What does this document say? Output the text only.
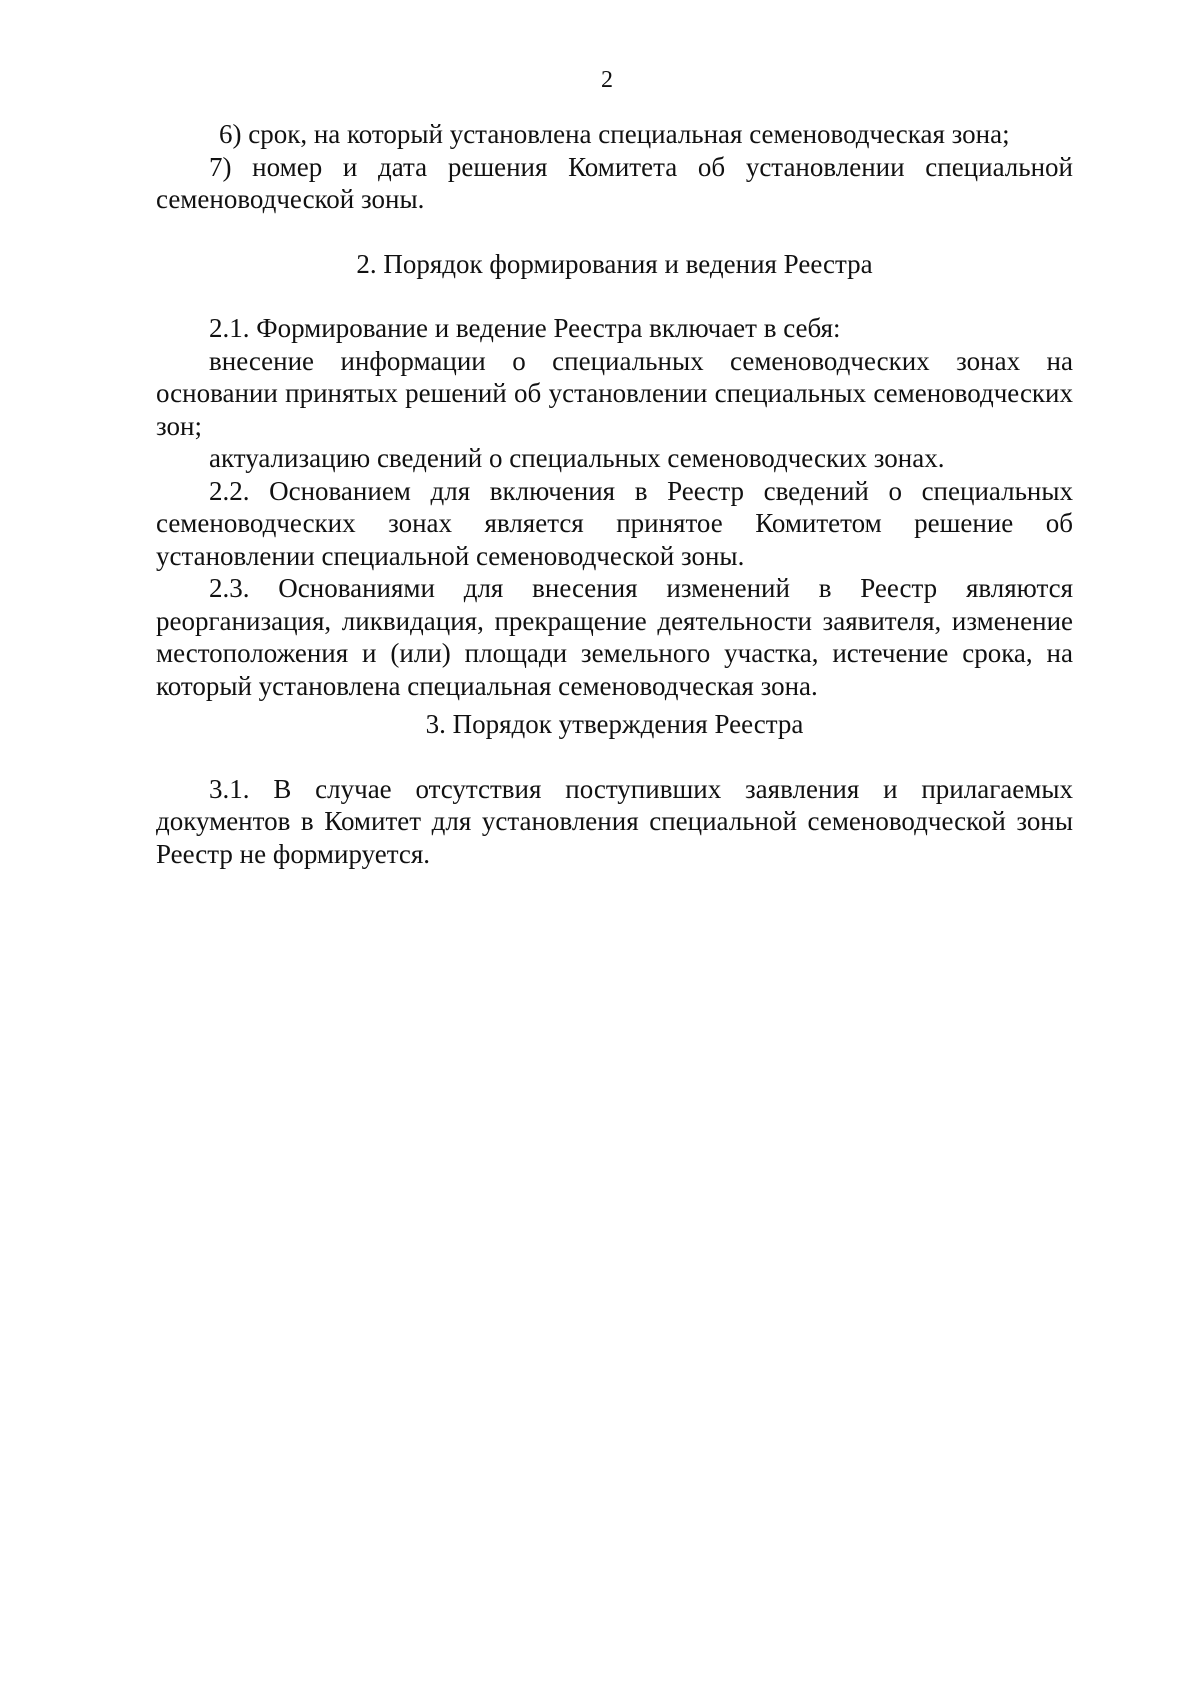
2

6) срок, на который установлена специальная семеноводческая зона;

7) номер и дата решения Комитета об установлении специальной семеноводческой зоны.

2. Порядок формирования и ведения Реестра

2.1. Формирование и ведение Реестра включает в себя:

внесение информации о специальных семеноводческих зонах на основании принятых решений об установлении специальных семеноводческих зон;

актуализацию сведений о специальных семеноводческих зонах.

2.2. Основанием для включения в Реестр сведений о специальных семеноводческих зонах является принятое Комитетом решение об установлении специальной семеноводческой зоны.

2.3. Основаниями для внесения изменений в Реестр являются реорганизация, ликвидация, прекращение деятельности заявителя, изменение местоположения и (или) площади земельного участка, истечение срока, на который установлена специальная семеноводческая зона.

3. Порядок утверждения Реестра

3.1. В случае отсутствия поступивших заявления и прилагаемых документов в Комитет для установления специальной семеноводческой зоны Реестр не формируется.
